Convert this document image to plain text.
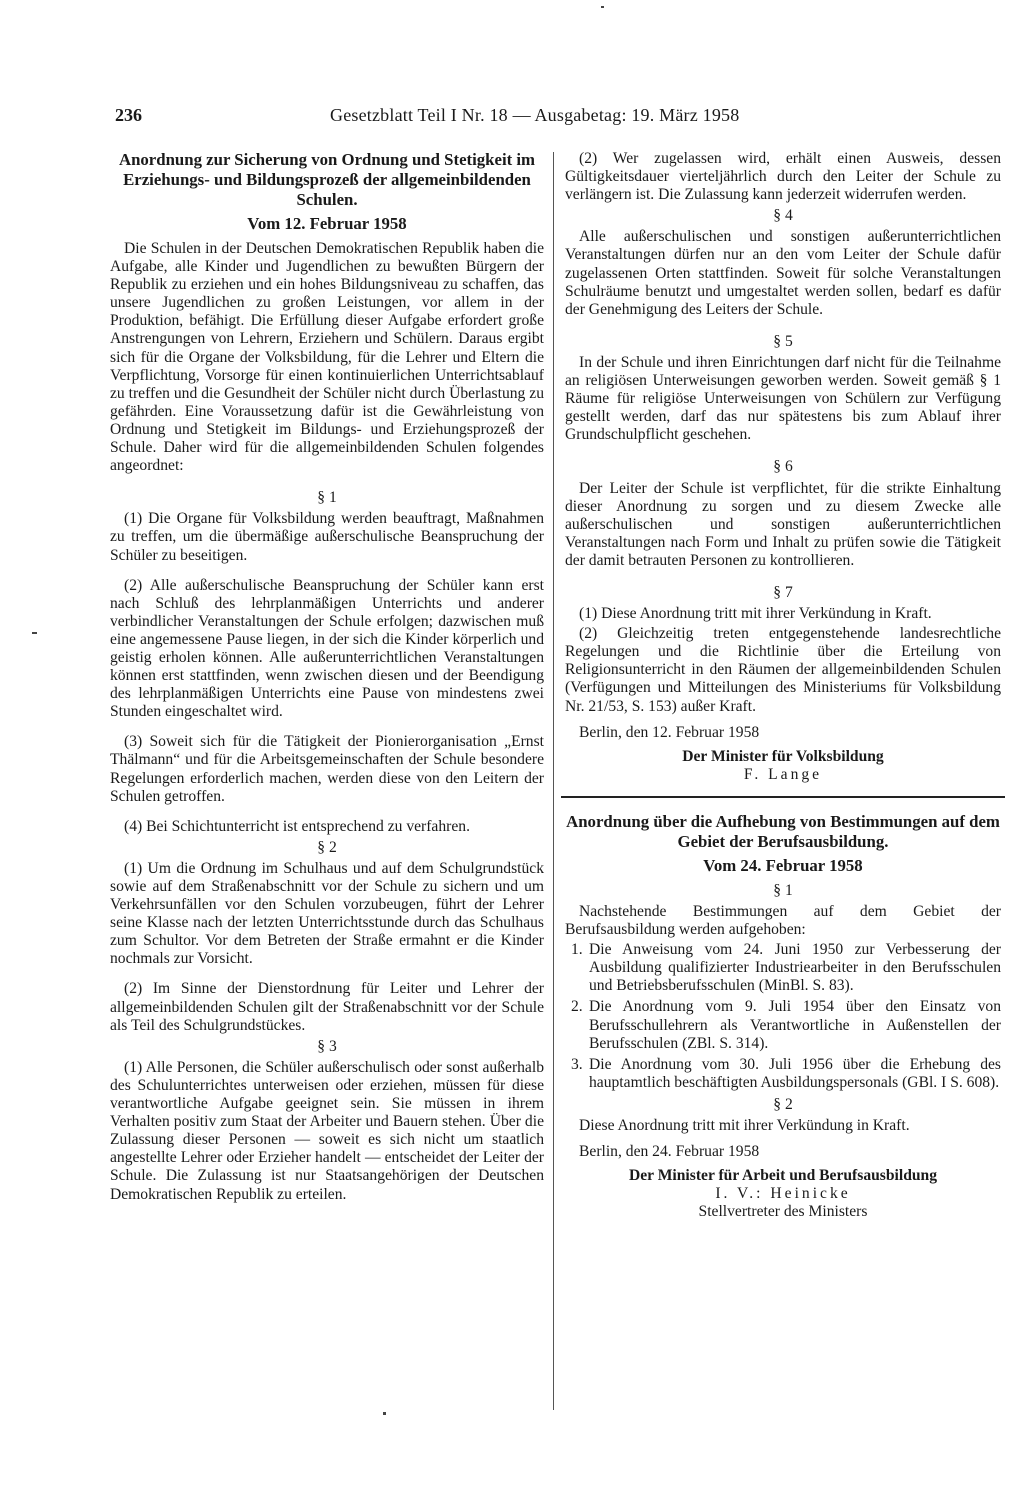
236	Gesetzblatt Teil I Nr. 18 — Ausgabetag: 19. März 1958

Anordnung zur Sicherung von Ordnung und Stetigkeit im Erziehungs- und Bildungsprozeß der allgemeinbildenden Schulen.

Vom 12. Februar 1958

Die Schulen in der Deutschen Demokratischen Republik haben die Aufgabe, alle Kinder und Jugendlichen zu bewußten Bürgern der Republik zu erziehen und ein hohes Bildungsniveau zu schaffen, das unsere Jugendlichen zu großen Leistungen, vor allem in der Produktion, befähigt. Die Erfüllung dieser Aufgabe erfordert große Anstrengungen von Lehrern, Erziehern und Schülern. Daraus ergibt sich für die Organe der Volksbildung, für die Lehrer und Eltern die Verpflichtung, Vorsorge für einen kontinuierlichen Unterrichtsablauf zu treffen und die Gesundheit der Schüler nicht durch Überlastung zu gefährden. Eine Voraussetzung dafür ist die Gewährleistung von Ordnung und Stetigkeit im Bildungs- und Erziehungsprozeß der Schule. Daher wird für die allgemeinbildenden Schulen folgendes angeordnet:

§ 1

(1) Die Organe für Volksbildung werden beauftragt, Maßnahmen zu treffen, um die übermäßige außerschulische Beanspruchung der Schüler zu beseitigen.

(2) Alle außerschulische Beanspruchung der Schüler kann erst nach Schluß des lehrplanmäßigen Unterrichts und anderer verbindlicher Veranstaltungen der Schule erfolgen; dazwischen muß eine angemessene Pause liegen, in der sich die Kinder körperlich und geistig erholen können. Alle außerunterrichtlichen Veranstaltungen können erst stattfinden, wenn zwischen diesen und der Beendigung des lehrplanmäßigen Unterrichts eine Pause von mindestens zwei Stunden eingeschaltet wird.

(3) Soweit sich für die Tätigkeit der Pionierorganisation „Ernst Thälmann“ und für die Arbeitsgemeinschaften der Schule besondere Regelungen erforderlich machen, werden diese von den Leitern der Schulen getroffen.

(4) Bei Schichtunterricht ist entsprechend zu verfahren.

§ 2

(1) Um die Ordnung im Schulhaus und auf dem Schulgrundstück sowie auf dem Straßenabschnitt vor der Schule zu sichern und um Verkehrsunfällen vor den Schulen vorzubeugen, führt der Lehrer seine Klasse nach der letzten Unterrichtsstunde durch das Schulhaus zum Schultor. Vor dem Betreten der Straße ermahnt er die Kinder nochmals zur Vorsicht.

(2) Im Sinne der Dienstordnung für Leiter und Lehrer der allgemeinbildenden Schulen gilt der Straßenabschnitt vor der Schule als Teil des Schulgrundstückes.

§ 3

(1) Alle Personen, die Schüler außerschulisch oder sonst außerhalb des Schulunterrichtes unterweisen oder erziehen, müssen für diese verantwortliche Aufgabe geeignet sein. Sie müssen in ihrem Verhalten positiv zum Staat der Arbeiter und Bauern stehen. Über die Zulassung dieser Personen — soweit es sich nicht um staatlich angestellte Lehrer oder Erzieher handelt — entscheidet der Leiter der Schule. Die Zulassung ist nur Staatsangehörigen der Deutschen Demokratischen Republik zu erteilen.

(2) Wer zugelassen wird, erhält einen Ausweis, dessen Gültigkeitsdauer vierteljährlich durch den Leiter der Schule zu verlängern ist. Die Zulassung kann jederzeit widerrufen werden.

§ 4

Alle außerschulischen und sonstigen außerunterrichtlichen Veranstaltungen dürfen nur an den vom Leiter der Schule dafür zugelassenen Orten stattfinden. Soweit für solche Veranstaltungen Schulräume benutzt und umgestaltet werden sollen, bedarf es dafür der Genehmigung des Leiters der Schule.

§ 5

In der Schule und ihren Einrichtungen darf nicht für die Teilnahme an religiösen Unterweisungen geworben werden. Soweit gemäß § 1 Räume für religiöse Unterweisungen von Schülern zur Verfügung gestellt werden, darf das nur spätestens bis zum Ablauf ihrer Grundschulpflicht geschehen.

§ 6

Der Leiter der Schule ist verpflichtet, für die strikte Einhaltung dieser Anordnung zu sorgen und zu diesem Zwecke alle außerschulischen und sonstigen außerunterrichtlichen Veranstaltungen nach Form und Inhalt zu prüfen sowie die Tätigkeit der damit betrauten Personen zu kontrollieren.

§ 7

(1) Diese Anordnung tritt mit ihrer Verkündung in Kraft.

(2) Gleichzeitig treten entgegenstehende landesrechtliche Regelungen und die Richtlinie über die Erteilung von Religionsunterricht in den Räumen der allgemeinbildenden Schulen (Verfügungen und Mitteilungen des Ministeriums für Volksbildung Nr. 21/53, S. 153) außer Kraft.

Berlin, den 12. Februar 1958

Der Minister für Volksbildung

F. Lange

Anordnung über die Aufhebung von Bestimmungen auf dem Gebiet der Berufsausbildung.

Vom 24. Februar 1958

§ 1

Nachstehende Bestimmungen auf dem Gebiet der Berufsausbildung werden aufgehoben:

1. Die Anweisung vom 24. Juni 1950 zur Verbesserung der Ausbildung qualifizierter Industriearbeiter in den Berufsschulen und Betriebsberufsschulen (MinBl. S. 83).
2. Die Anordnung vom 9. Juli 1954 über den Einsatz von Berufsschullehrern als Verantwortliche in Außenstellen der Berufsschulen (ZBl. S. 314).
3. Die Anordnung vom 30. Juli 1956 über die Erhebung des hauptamtlich beschäftigten Ausbildungspersonals (GBl. I S. 608).

§ 2

Diese Anordnung tritt mit ihrer Verkündung in Kraft.

Berlin, den 24. Februar 1958

Der Minister für Arbeit und Berufsausbildung

I. V.: Heinicke

Stellvertreter des Ministers
